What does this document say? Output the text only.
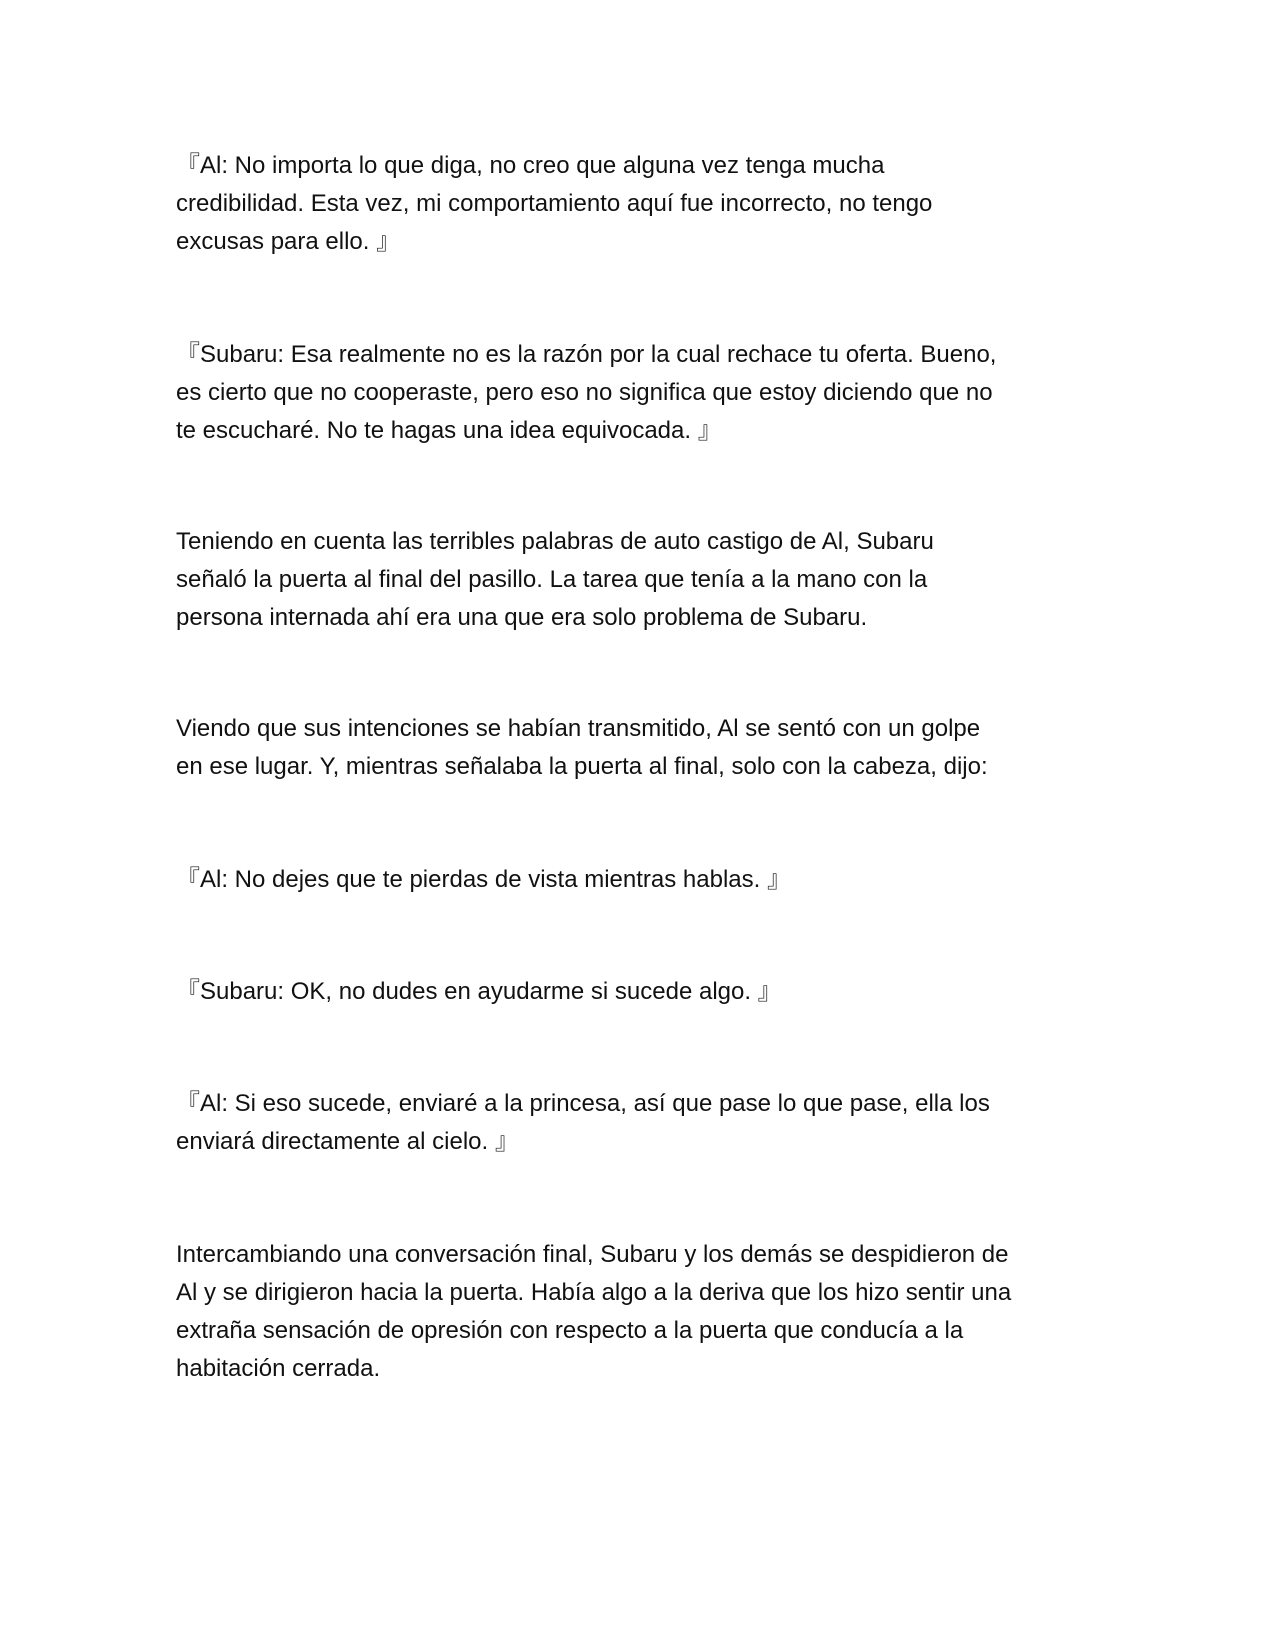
『Al: No importa lo que diga, no creo que alguna vez tenga mucha
credibilidad. Esta vez, mi comportamiento aquí fue incorrecto, no tengo
excusas para ello. 』

『Subaru: Esa realmente no es la razón por la cual rechace tu oferta. Bueno,
es cierto que no cooperaste, pero eso no significa que estoy diciendo que no
te escucharé. No te hagas una idea equivocada. 』

Teniendo en cuenta las terribles palabras de auto castigo de Al, Subaru
señaló la puerta al final del pasillo. La tarea que tenía a la mano con la
persona internada ahí era una que era solo problema de Subaru.

Viendo que sus intenciones se habían transmitido, Al se sentó con un golpe
en ese lugar. Y, mientras señalaba la puerta al final, solo con la cabeza, dijo:

『Al: No dejes que te pierdas de vista mientras hablas. 』

『Subaru: OK, no dudes en ayudarme si sucede algo. 』

『Al: Si eso sucede, enviaré a la princesa, así que pase lo que pase, ella los
enviará directamente al cielo. 』

Intercambiando una conversación final, Subaru y los demás se despidieron de
Al y se dirigieron hacia la puerta. Había algo a la deriva que los hizo sentir una
extraña sensación de opresión con respecto a la puerta que conducía a la
habitación cerrada.
